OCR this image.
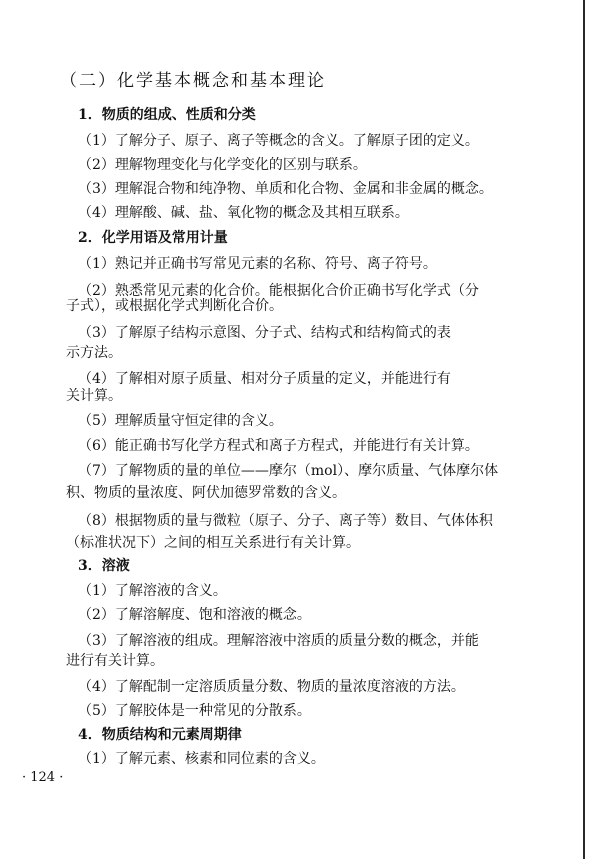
（二）化学基本概念和基本理论
1．物质的组成、性质和分类
（1）了解分子、原子、离子等概念的含义。了解原子团的定义。
（2）理解物理变化与化学变化的区别与联系。
（3）理解混合物和纯净物、单质和化合物、金属和非金属的概念。
（4）理解酸、碱、盐、氧化物的概念及其相互联系。
2．化学用语及常用计量
（1）熟记并正确书写常见元素的名称、符号、离子符号。
（2）熟悉常见元素的化合价。能根据化合价正确书写化学式（分
子式），或根据化学式判断化合价。
（3）了解原子结构示意图、分子式、结构式和结构简式的表
示方法。
（4）了解相对原子质量、相对分子质量的定义，并能进行有
关计算。
（5）理解质量守恒定律的含义。
（6）能正确书写化学方程式和离子方程式，并能进行有关计算。
（7）了解物质的量的单位——摩尔（mol）、摩尔质量、气体摩尔体
积、物质的量浓度、阿伏加德罗常数的含义。
（8）根据物质的量与微粒（原子、分子、离子等）数目、气体体积
（标准状况下）之间的相互关系进行有关计算。
3．溶液
（1）了解溶液的含义。
（2）了解溶解度、饱和溶液的概念。
（3）了解溶液的组成。理解溶液中溶质的质量分数的概念，并能
进行有关计算。
（4）了解配制一定溶质质量分数、物质的量浓度溶液的方法。
（5）了解胶体是一种常见的分散系。
4．物质结构和元素周期律
（1）了解元素、核素和同位素的含义。
· 124 ·
